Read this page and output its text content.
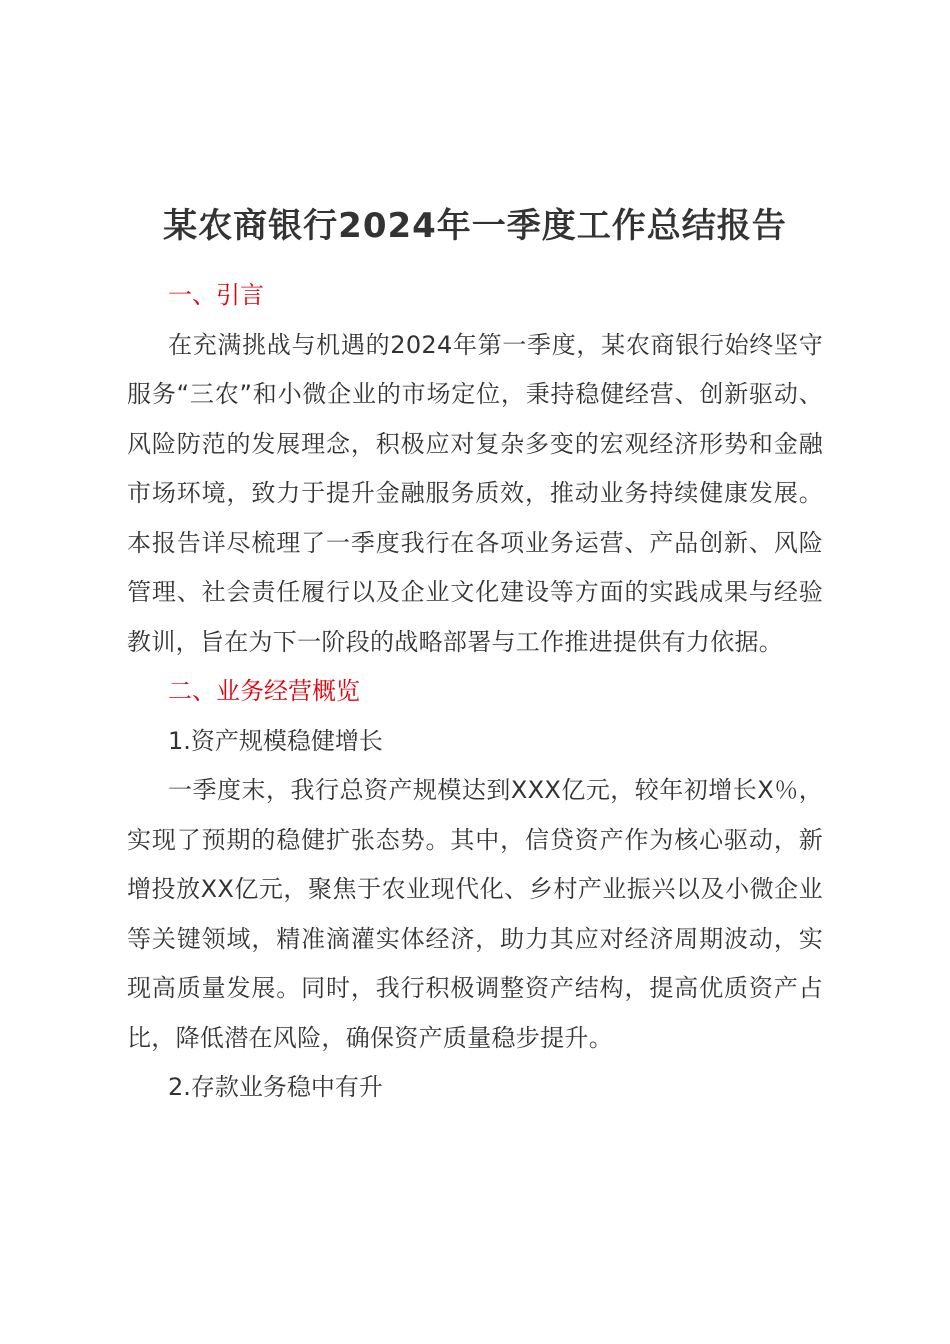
某农商银行2024年一季度工作总结报告

一、引言

在充满挑战与机遇的2024年第一季度，某农商银行始终坚守服务“三农”和小微企业的市场定位，秉持稳健经营、创新驱动、风险防范的发展理念，积极应对复杂多变的宏观经济形势和金融市场环境，致力于提升金融服务质效，推动业务持续健康发展。本报告详尽梳理了一季度我行在各项业务运营、产品创新、风险管理、社会责任履行以及企业文化建设等方面的实践成果与经验教训，旨在为下一阶段的战略部署与工作推进提供有力依据。

二、业务经营概览

1.资产规模稳健增长

一季度末，我行总资产规模达到XXX亿元，较年初增长X％，实现了预期的稳健扩张态势。其中，信贷资产作为核心驱动，新增投放XX亿元，聚焦于农业现代化、乡村产业振兴以及小微企业等关键领域，精准滴灌实体经济，助力其应对经济周期波动，实现高质量发展。同时，我行积极调整资产结构，提高优质资产占比，降低潜在风险，确保资产质量稳步提升。

2.存款业务稳中有升
